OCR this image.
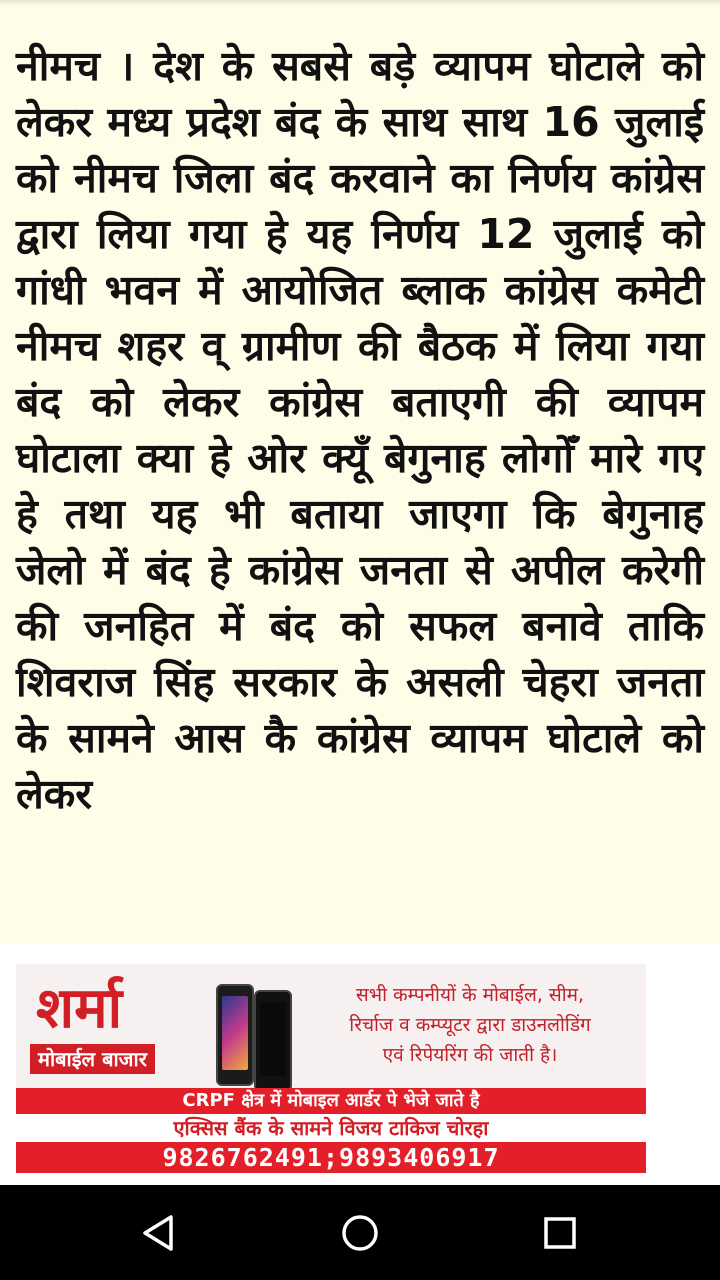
नीमच । देश के सबसे बड़े व्यापम घोटाले को लेकर मध्य प्रदेश बंद के साथ साथ 16 जुलाई को नीमच जिला बंद करवाने का निर्णय कांग्रेस द्वारा लिया गया हे यह निर्णय 12 जुलाई को गांधी भवन में आयोजित ब्लाक कांग्रेस कमेटी नीमच शहर व् ग्रामीण की बैठक में लिया गया बंद को लेकर कांग्रेस बताएगी की व्यापम घोटाला क्या हे ओर क्यूँ बेगुनाह लोगोँ मारे गए हे तथा यह भी बताया जाएगा कि बेगुनाह जेलो में बंद हे कांग्रेस जनता से अपील करेगी की जनहित में बंद को सफल बनावे ताकि शिवराज सिंह सरकार के असली चेहरा जनता के सामने आस कै कांग्रेस व्यापम घोटाले को लेकर

शर्मा
मोबाईल बाजार
सभी कम्पनीयों के मोबाईल, सीम,
रिर्चाज व कम्प्यूटर द्वारा डाउनलोडिंग
एवं रिपेयरिंग की जाती है।
CRPF क्षेत्र में मोबाइल आर्डर पे भेजे जाते है
एक्सिस बैंक के सामने विजय टाकिज चोरहा
9826762491;9893406917
